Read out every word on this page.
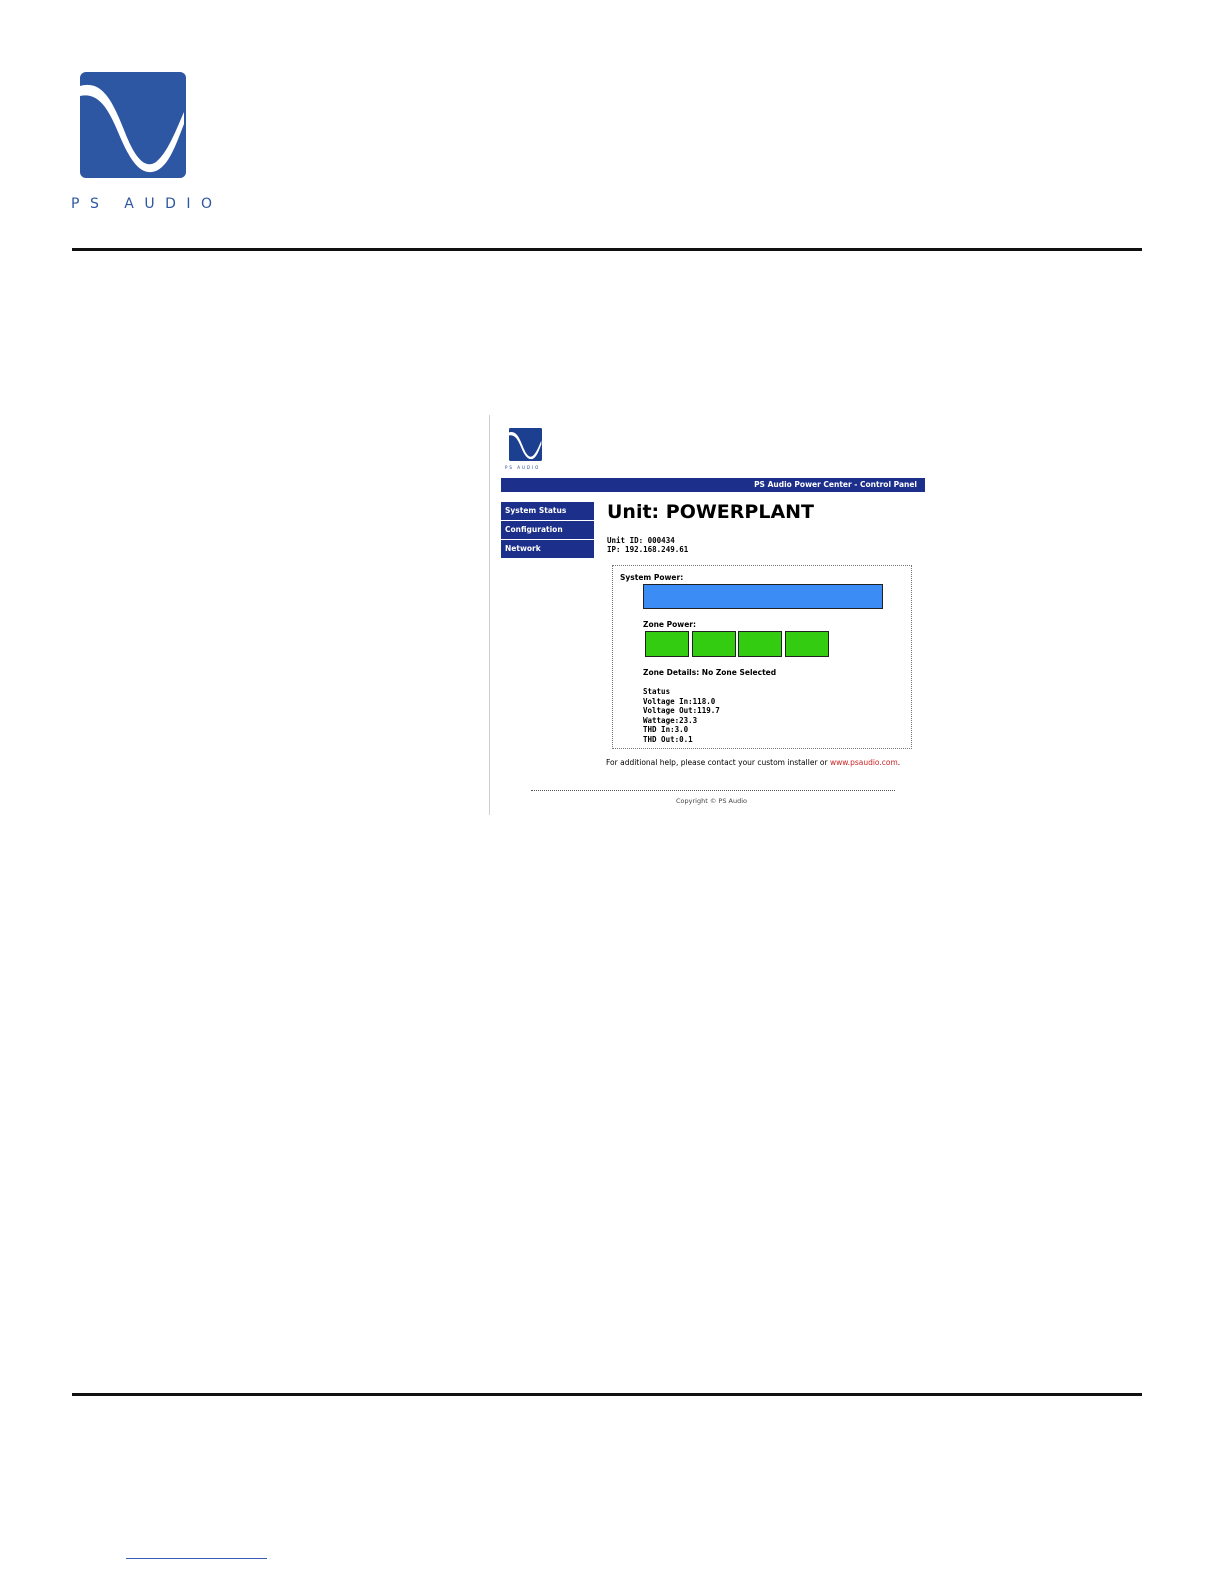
PS AUDIO
PS AUDIO
PS Audio Power Center - Control Panel
System Status
Configuration
Network
Unit: POWERPLANT
Unit ID: 000434
IP: 192.168.249.61
System Power:
Zone Power:
Zone Details: No Zone Selected
Status
Voltage In:118.0
Voltage Out:119.7
Wattage:23.3
THD In:3.0
THD Out:0.1
For additional help, please contact your custom installer or www.psaudio.com.
Copyright © PS Audio
